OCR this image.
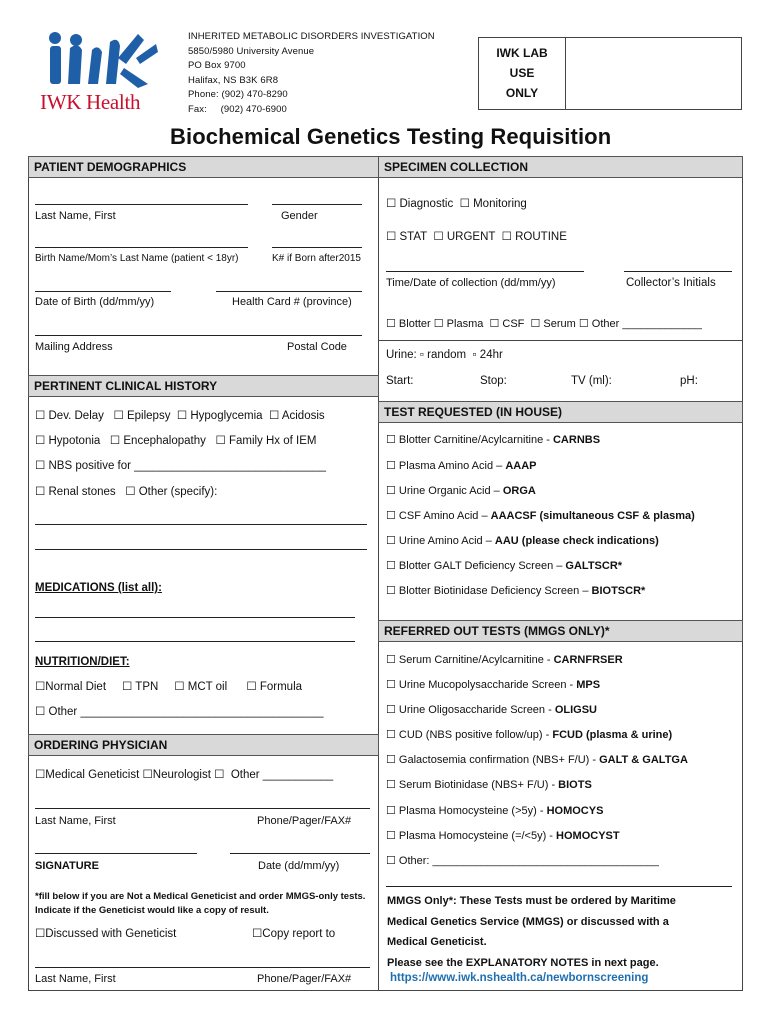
IWK Health
INHERITED METABOLIC DISORDERS INVESTIGATION
5850/5980 University Avenue
PO Box 9700
Halifax, NS B3K 6R8
Phone: (902) 470-8290
Fax:     (902) 470-6900
IWK LAB
USE
ONLY
Biochemical Genetics Testing Requisition
PATIENT DEMOGRAPHICS
Last Name, First	Gender
Birth Name/Mom’s Last Name (patient < 18yr)	K# if Born after2015
Date of Birth (dd/mm/yy)	Health Card # (province)
Mailing Address	Postal Code
PERTINENT CLINICAL HISTORY
☐ Dev. Delay   ☐ Epilepsy  ☐ Hypoglycemia  ☐ Acidosis
☐ Hypotonia   ☐ Encephalopathy   ☐ Family Hx of IEM
☐ NBS positive for ______________________________
☐ Renal stones   ☐ Other (specify):
MEDICATIONS (list all):
NUTRITION/DIET:
☐Normal Diet     ☐ TPN     ☐ MCT oil      ☐ Formula
☐ Other ______________________________________
ORDERING PHYSICIAN
☐Medical Geneticist ☐Neurologist ☐  Other ___________
Last Name, First	Phone/Pager/FAX#
SIGNATURE	Date (dd/mm/yy)
*fill below if you are Not a Medical Geneticist and order MMGS-only tests. Indicate if the Geneticist would like a copy of result.
☐Discussed with Geneticist	☐Copy report to
Last Name, First	Phone/Pager/FAX#
SPECIMEN COLLECTION
☐ Diagnostic  ☐ Monitoring
☐ STAT  ☐ URGENT  ☐ ROUTINE
Time/Date of collection (dd/mm/yy)	Collector’s Initials
☐ Blotter ☐ Plasma  ☐ CSF  ☐ Serum ☐ Other _____________
Urine: ▫ random  ▫ 24hr
Start:	Stop:	TV (ml):	pH:
TEST REQUESTED (IN HOUSE)
☐ Blotter Carnitine/Acylcarnitine - CARNBS
☐ Plasma Amino Acid – AAAP
☐ Urine Organic Acid – ORGA
☐ CSF Amino Acid – AAACSF (simultaneous CSF & plasma)
☐ Urine Amino Acid – AAU (please check indications)
☐ Blotter GALT Deficiency Screen – GALTSCR*
☐ Blotter Biotinidase Deficiency Screen – BIOTSCR*
REFERRED OUT TESTS (MMGS ONLY)*
☐ Serum Carnitine/Acylcarnitine - CARNFRSER
☐ Urine Mucopolysaccharide Screen - MPS
☐ Urine Oligosaccharide Screen - OLIGSU
☐ CUD (NBS positive follow/up) - FCUD (plasma & urine)
☐ Galactosemia confirmation (NBS+ F/U) - GALT & GALTGA
☐ Serum Biotinidase (NBS+ F/U) - BIOTS
☐ Plasma Homocysteine (>5y) - HOMOCYS
☐ Plasma Homocysteine (=/<5y) - HOMOCYST
☐ Other: _____________________________________
MMGS Only*: These Tests must be ordered by Maritime
Medical Genetics Service (MMGS) or discussed with a
Medical Geneticist.
Please see the EXPLANATORY NOTES in next page.
https://www.iwk.nshealth.ca/newbornscreening
